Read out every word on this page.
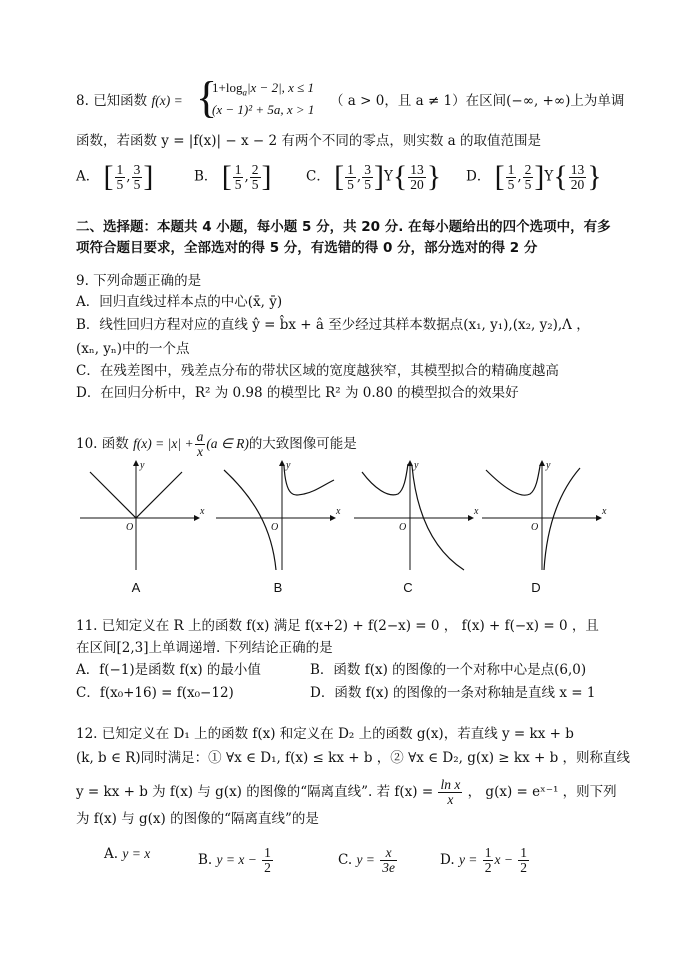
8. 已知函数 f(x) = {
$1+\log_a|x - 2|$, x ≤ 1
(x − 1)² + 5a, x > 1
（ a > 0，且 a ≠ 1）在区间(−∞, +∞)上为单调
函数，若函数 y = |f(x)| − x − 2 有两个不同的零点，则实数 a 的取值范围是
A． [ $\frac{1}{5}$ , $\frac{3}{5}$ ]	B． [ $\frac{1}{5}$ , $\frac{2}{5}$ ]	C． [ $\frac{1}{5}$ , $\frac{3}{5} ]Y\{ \frac{13}{20}$ } D． [ $\frac{1}{5}$ , $\frac{2}{5} ]Y\{ \frac{13}{20}$ }
二、选择题：本题共 4 小题，每小题 5 分，共 20 分. 在每小题给出的四个选项中，有多
项符合题目要求，全部选对的得 5 分，有选错的得 0 分，部分选对的得 2 分
9. 下列命题正确的是
A．回归直线过样本点的中心(x̄, ȳ)
B．线性回归方程对应的直线 ŷ = b̂x + â 至少经过其样本数据点(x₁, y₁),(x₂, y₂),Λ ，
(xₙ, yₙ)中的一个点
C．在残差图中，残差点分布的带状区域的宽度越狭窄，其模型拟合的精确度越高
D．在回归分析中，R² 为 0.98 的模型比 R² 为 0.80 的模型拟合的效果好
10. 函数 $f(x) = |x| + \frac{a}{x} (a$ ∈ R)的大致图像可能是
y
x
O
A
y
x
O
B
y
x
O
C
y
x
O
D
11. 已知定义在 R 上的函数 f(x) 满足 f(x+2) + f(2−x) = 0 ， f(x) + f(−x) = 0 ，且
在区间[2,3]上单调递增. 下列结论正确的是
A．f(−1)是函数 f(x) 的最小值	B．函数 f(x) 的图像的一个对称中心是点(6,0)
C．f(x₀+16) = f(x₀−12)	D．函数 f(x) 的图像的一条对称轴是直线 x = 1
12. 已知定义在 D₁ 上的函数 f(x) 和定义在 D₂ 上的函数 g(x)，若直线 y = kx + b
(k, b ∈ R)同时满足：① ∀x ∈ D₁, f(x) ≤ kx + b ，② ∀x ∈ D₂, g(x) ≥ kx + b ，则称直线
y = kx + b 为 f(x) 与 g(x) 的图像的“隔离直线”. 若 $f(x) = \frac{\text{ln x}}{x}$ ， g(x) = eˣ⁻¹ ，则下列
为 f(x) 与 g(x) 的图像的“隔离直线”的是
A. y = x	B. $y = x - \frac{1}{2}$	C. $y = \frac{x}{3e}$	D. $y = \frac{1}{2}$ $x - \frac{1}{2}$
